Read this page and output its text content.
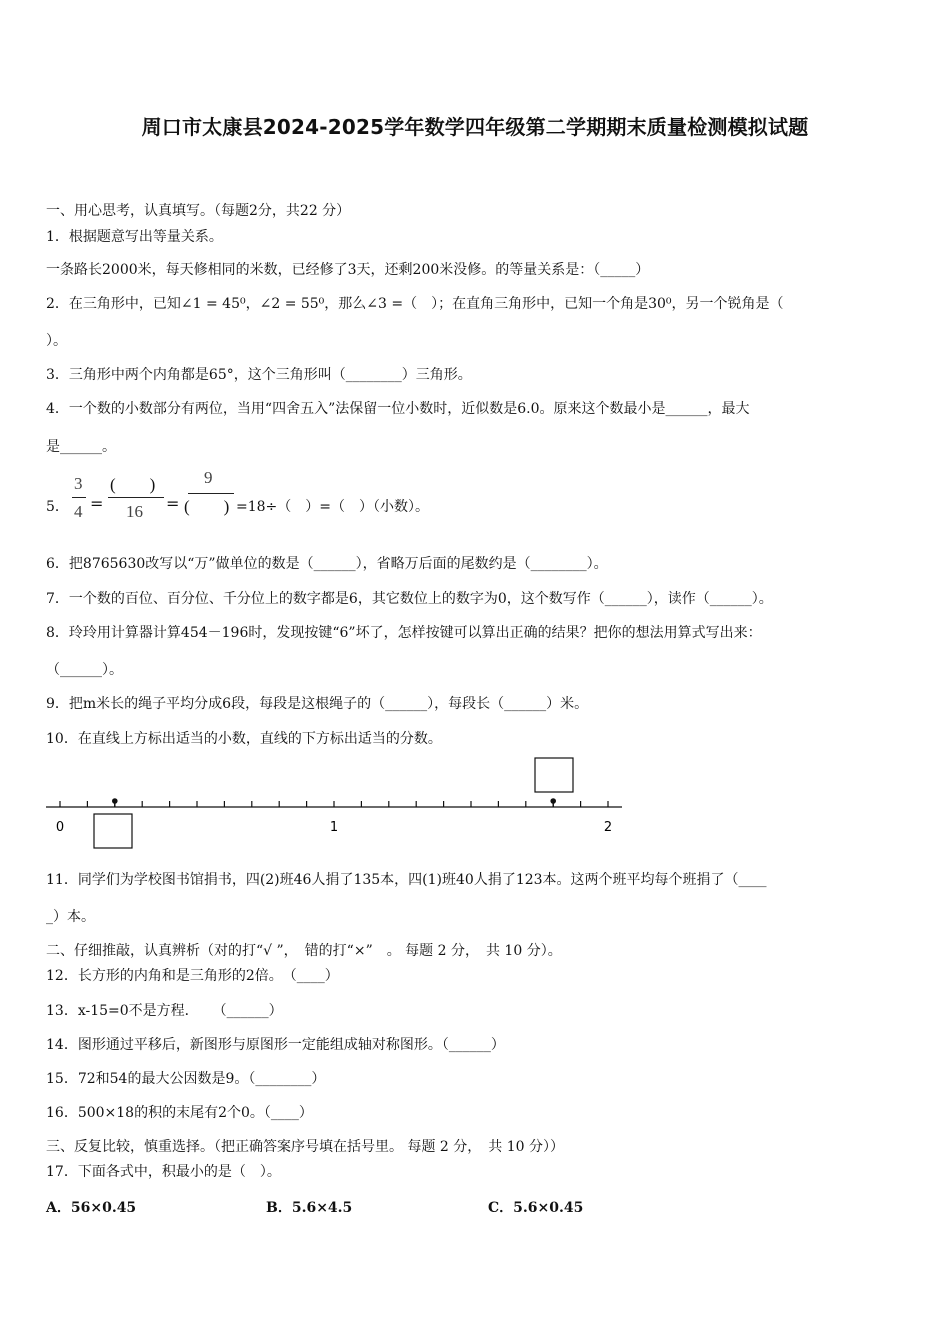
周口市太康县2024-2025学年数学四年级第二学期期末质量检测模拟试题
一、用心思考，认真填写。（每题2分，共22 分）
1．根据题意写出等量关系。
一条路长2000米，每天修相同的米数，已经修了3天，还剩200米没修。的等量关系是：（_____）
2．在三角形中，已知∠1 = 45⁰，∠2 = 55⁰，那么∠3 =（　）；在直角三角形中，已知一个角是30⁰，另一个锐角是（
）。
3．三角形中两个内角都是65°，这个三角形叫（________）三角形。
4．一个数的小数部分有两位，当用“四舍五入”法保留一位小数时，近似数是6.0。原来这个数最小是______，最大
是______。
5．
3
4 =
(　　)
16 =
9
(　　) =18÷（　）=（　）（小数）。
6．把8765630改写以“万”做单位的数是（______），省略万后面的尾数约是（________）。
7．一个数的百位、百分位、千分位上的数字都是6，其它数位上的数字为0，这个数写作（______），读作（______）。
8．玲玲用计算器计算454－196时，发现按键“6”坏了，怎样按键可以算出正确的结果？把你的想法用算式写出来：
（______）。
9．把m米长的绳子平均分成6段，每段是这根绳子的（______），每段长（______）米。
10．在直线上方标出适当的小数，直线的下方标出适当的分数。
0	1	2
11．同学们为学校图书馆捐书，四(2)班46人捐了135本，四(1)班40人捐了123本。这两个班平均每个班捐了（____
_）本。
二、仔细推敲，认真辨析（对的打“√ ”，　错的打“×”　。 每题 2 分，　共 10 分）。
12．长方形的内角和是三角形的2倍。　（____）
13．x-15=0不是方程．　　（______）
14．图形通过平移后，新图形与原图形一定能组成轴对称图形。（______）
15．72和54的最大公因数是9。（________）
16．500×18的积的末尾有2个0。（____）
三、反复比较，慎重选择。（把正确答案序号填在括号里。 每题 2 分，　共 10 分））
17．下面各式中，积最小的是（　）。
A．56×0.45	B．5.6×4.5	C．5.6×0.45
